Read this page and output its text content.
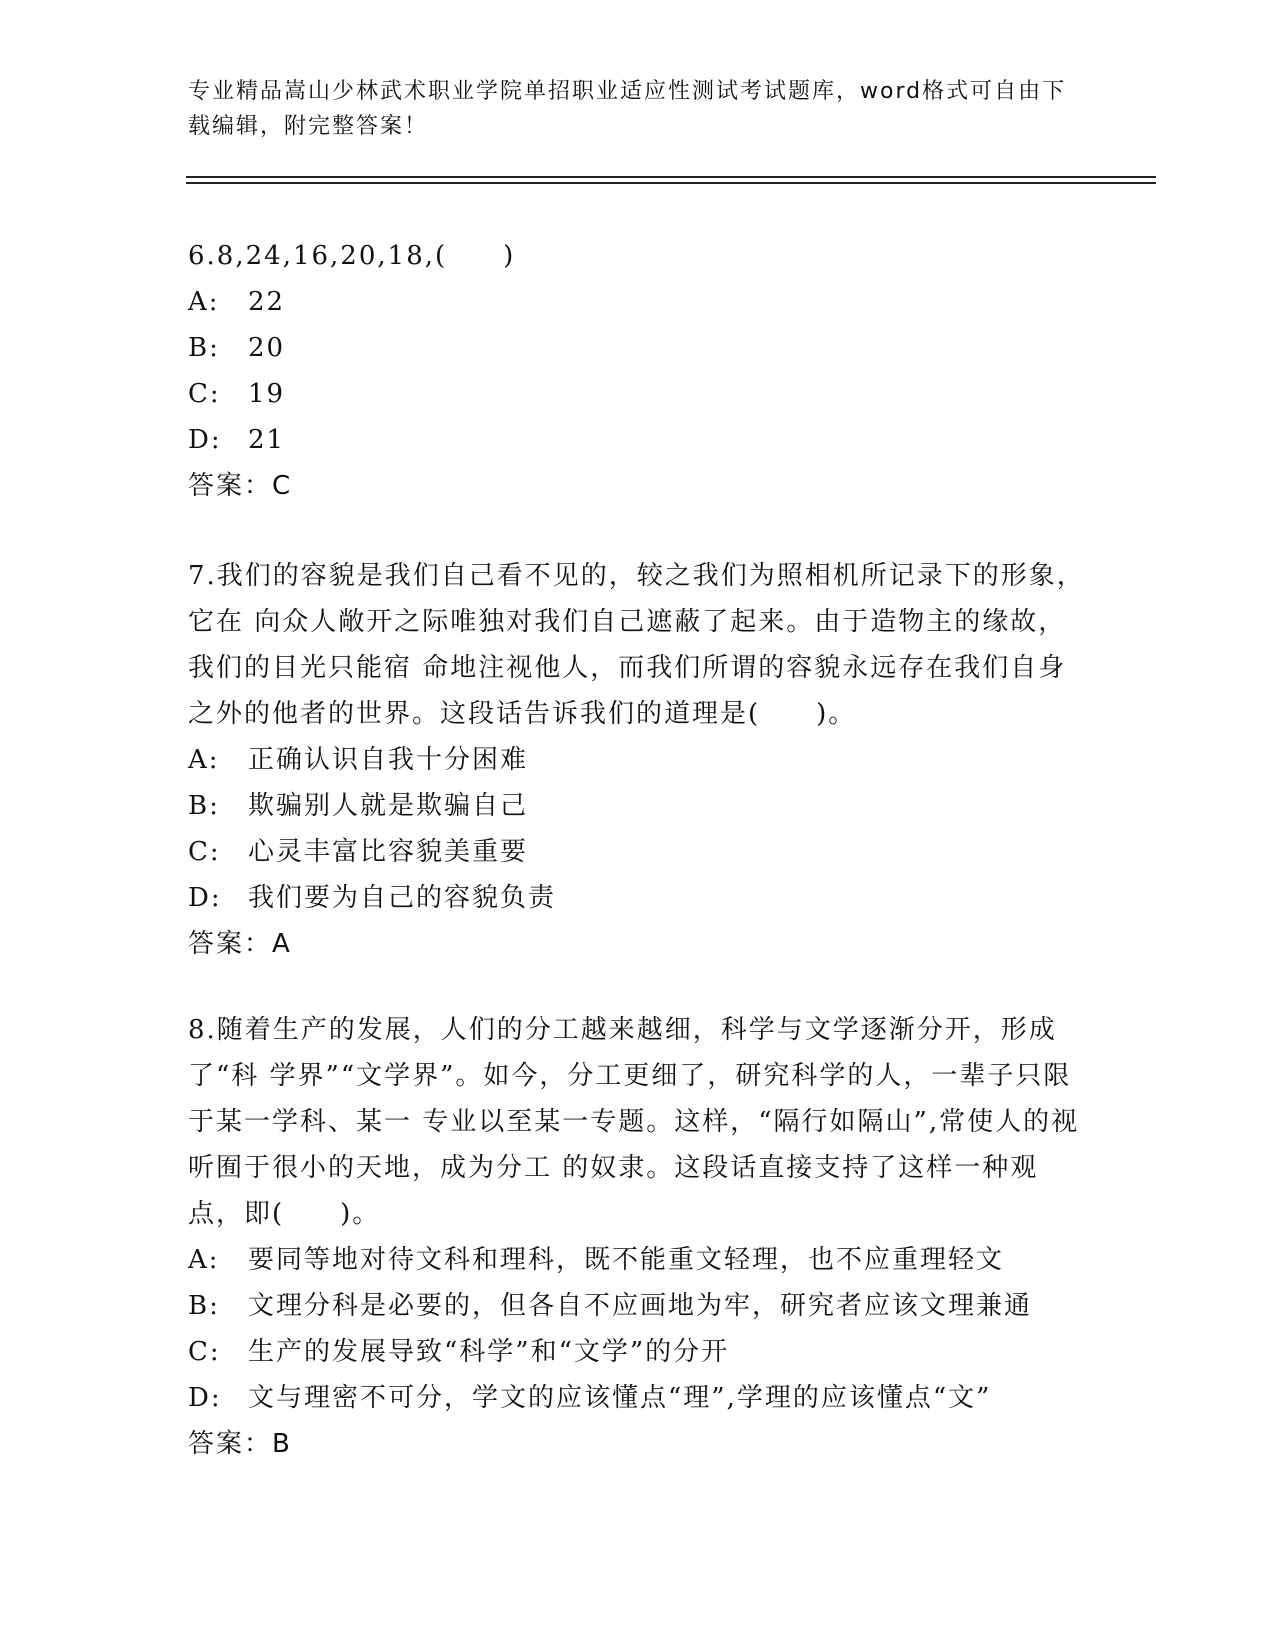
专业精品嵩山少林武术职业学院单招职业适应性测试考试题库，word格式可自由下载编辑，附完整答案！

6.8,24,16,20,18,(　　)

A:	22
B:	20
C:	19
D:	21
答案：C

7.我们的容貌是我们自己看不见的，较之我们为照相机所记录下的形象，它在 向众人敞开之际唯独对我们自己遮蔽了起来。由于造物主的缘故，我们的目光只能宿 命地注视他人，而我们所谓的容貌永远存在我们自身之外的他者的世界。这段话告诉我们的道理是(　　)。

A:	正确认识自我十分困难
B:	欺骗别人就是欺骗自己
C:	心灵丰富比容貌美重要
D:	我们要为自己的容貌负责
答案：A

8.随着生产的发展，人们的分工越来越细，科学与文学逐渐分开，形成了“科 学界”“文学界”。如今，分工更细了，研究科学的人，一辈子只限于某一学科、某一 专业以至某一专题。这样，“隔行如隔山”,常使人的视听囿于很小的天地，成为分工 的奴隶。这段话直接支持了这样一种观点，即(　　)。

A:	要同等地对待文科和理科，既不能重文轻理，也不应重理轻文
B:	文理分科是必要的，但各自不应画地为牢，研究者应该文理兼通
C:	生产的发展导致“科学”和“文学”的分开
D:	文与理密不可分，学文的应该懂点“理”,学理的应该懂点“文”
答案：B
